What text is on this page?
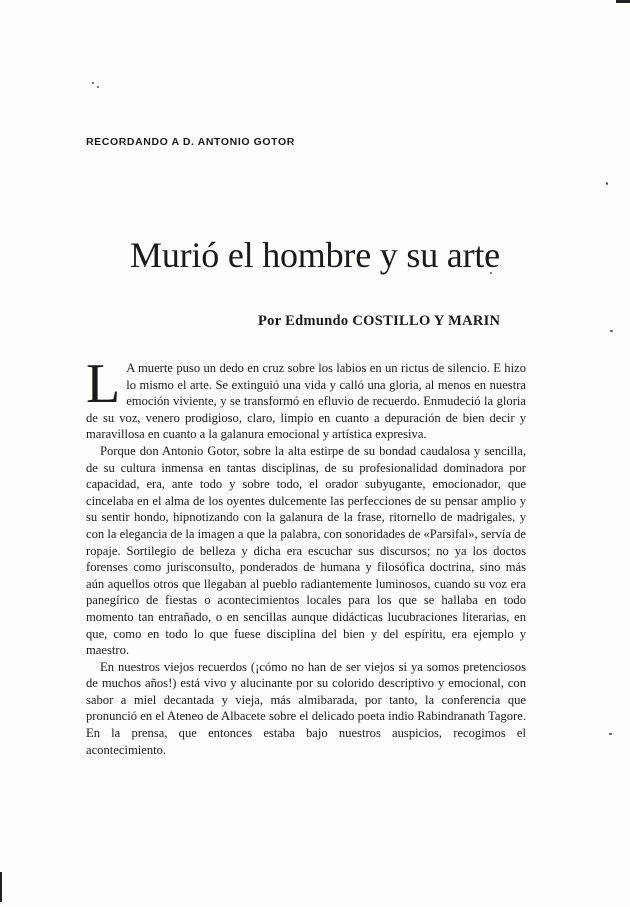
RECORDANDO A D. ANTONIO GOTOR
Murió el hombre y su arte
Por Edmundo COSTILLO Y MARIN

L A muerte puso un dedo en cruz sobre los labios en un rictus de silencio. E hizo lo mismo el arte. Se extinguió una vida y calló una gloria, al menos en nuestra emoción viviente, y se transformó en efluvio de recuerdo. Enmudeció la gloria de su voz, venero prodigioso, claro, limpio en cuanto a depuración de bien decir y maravillosa en cuanto a la galanura emocional y artística expresiva.

Porque don Antonio Gotor, sobre la alta estirpe de su bondad caudalosa y sencilla, de su cultura inmensa en tantas disciplinas, de su profesionalidad dominadora por capacidad, era, ante todo y sobre todo, el orador subyugante, emocionador, que cincelaba en el alma de los oyentes dulcemente las perfecciones de su pensar amplio y su sentir hondo, hipnotizando con la galanura de la frase, ritornello de madrigales, y con la elegancia de la imagen a que la palabra, con sonoridades de «Parsifal», servía de ropaje. Sortilegio de belleza y dicha era escuchar sus discursos; no ya los doctos forenses como jurisconsulto, ponderados de humana y filosófica doctrina, sino más aún aquellos otros que llegaban al pueblo radiantemente luminosos, cuando su voz era panegírico de fiestas o acontecimientos locales para los que se hallaba en todo momento tan entrañado, o en sencillas aunque didácticas lucubraciones literarias, en que, como en todo lo que fuese disciplina del bien y del espíritu, era ejemplo y maestro.

En nuestros viejos recuerdos (¡cómo no han de ser viejos si ya somos pretenciosos de muchos años!) está vivo y alucinante por su colorido descriptivo y emocional, con sabor a miel decantada y vieja, más almibarada, por tanto, la conferencia que pronunció en el Ateneo de Albacete sobre el delicado poeta indio Rabindranath Tagore. En la prensa, que entonces estaba bajo nuestros auspicios, recogimos el acontecimiento.
